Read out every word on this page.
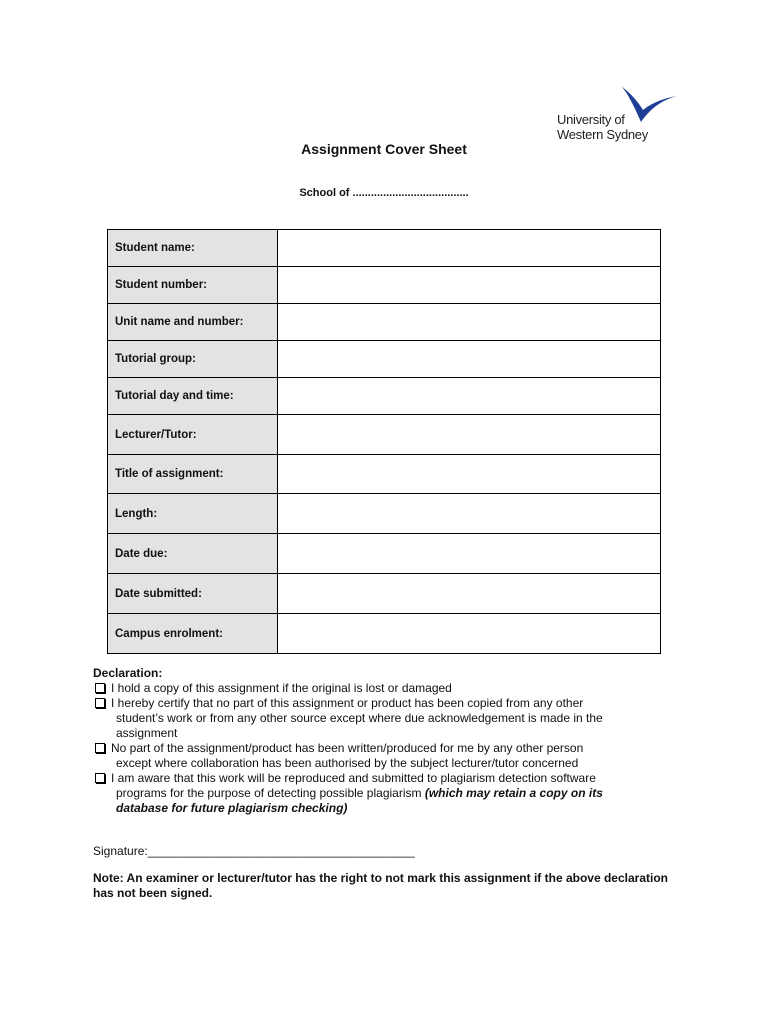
University of
Western Sydney
Assignment Cover Sheet
School of ......................................
Student name:	
Student number:	
Unit name and number:	
Tutorial group:	
Tutorial day and time:	
Lecturer/Tutor:	
Title of assignment:	
Length:	
Date due:	
Date submitted:	
Campus enrolment:	
Declaration:
I hold a copy of this assignment if the original is lost or damaged
I hereby certify that no part of this assignment or product has been copied from any other
student’s work or from any other source except where due acknowledgement is made in the
assignment
No part of the assignment/product has been written/produced for me by any other person
except where collaboration has been authorised by the subject lecturer/tutor concerned
I am aware that this work will be reproduced and submitted to plagiarism detection software
programs for the purpose of detecting possible plagiarism (which may retain a copy on its
database for future plagiarism checking)
Signature:________________________________________
Note: An examiner or lecturer/tutor has the right to not mark this assignment if the above declaration has not been signed.
